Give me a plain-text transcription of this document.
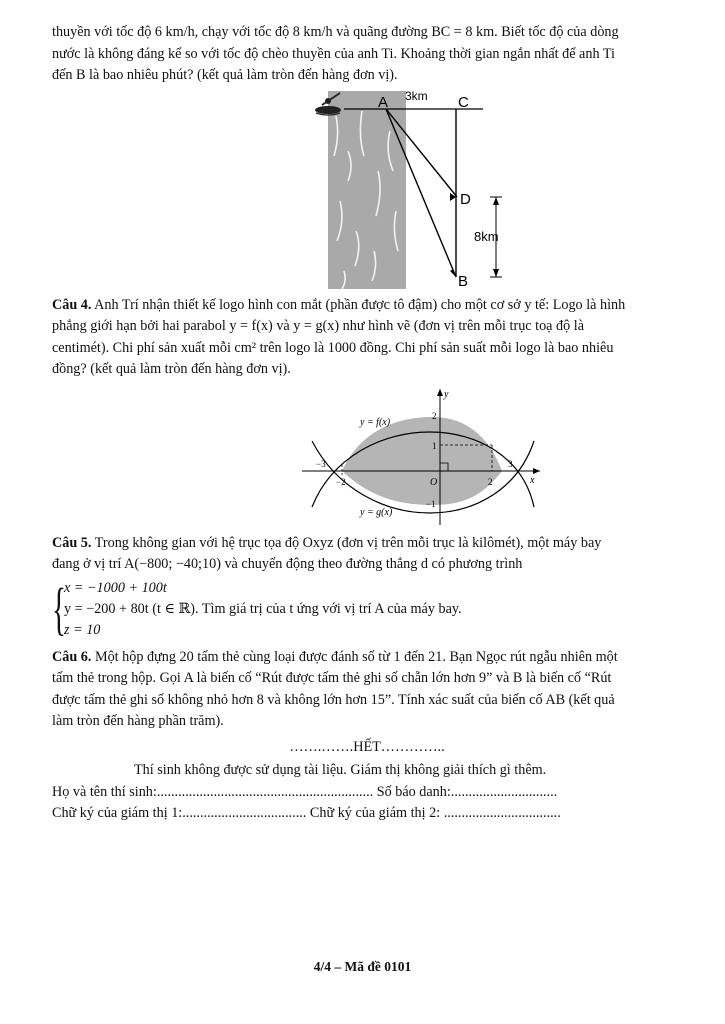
thuyền với tốc độ 6 km/h, chạy với tốc độ 8 km/h và quãng đường BC = 8 km. Biết tốc độ của dòng

nước là không đáng kể so với tốc độ chèo thuyền của anh Ti. Khoảng thời gian ngắn nhất để anh Ti

đến B là bao nhiêu phút? (kết quả làm tròn đến hàng đơn vị).

A 3km C
D
8km
B

Câu 4. Anh Trí nhận thiết kế logo hình con mắt (phần được tô đậm) cho một cơ sở y tế: Logo là hình

phẳng giới hạn bởi hai parabol y = f(x) và y = g(x) như hình vẽ (đơn vị trên mỗi trục toạ độ là

centimét). Chi phí sản xuất mỗi cm² trên logo là 1000 đồng. Chi phí sản suất mỗi logo là bao nhiêu

đồng? (kết quả làm tròn đến hàng đơn vị).

y = f(x)
y = g(x)
y
x
O
2
1
−1
−3
−2	2
3

Câu 5. Trong không gian với hệ trục tọa độ Oxyz (đơn vị trên mỗi trục là kilômét), một máy bay

đang ở vị trí A(−800; −40;10) và chuyển động theo đường thẳng d có phương trình

{
x = −1000 + 100t
y = −200 + 80t (t ∈ ℝ). Tìm giá trị của t ứng với vị trí A của máy bay.
z = 10

Câu 6. Một hộp đựng 20 tấm thẻ cùng loại được đánh số từ 1 đến 21. Bạn Ngọc rút ngẫu nhiên một

tấm thẻ trong hộp. Gọi A là biến cố “Rút được tấm thẻ ghi số chẵn lớn hơn 9” và B là biến cố “Rút

được tấm thẻ ghi số không nhỏ hơn 8 và không lớn hơn 15”. Tính xác suất của biến cố AB (kết quả

làm tròn đến hàng phần trăm).

…….…….HẾT…………..

Thí sinh không được sử dụng tài liệu. Giám thị không giải thích gì thêm.

Họ và tên thí sinh:............................................................. Số báo danh:..............................

Chữ ký của giám thị 1:................................... Chữ ký của giám thị 2: .................................

4/4 – Mã đề 0101
